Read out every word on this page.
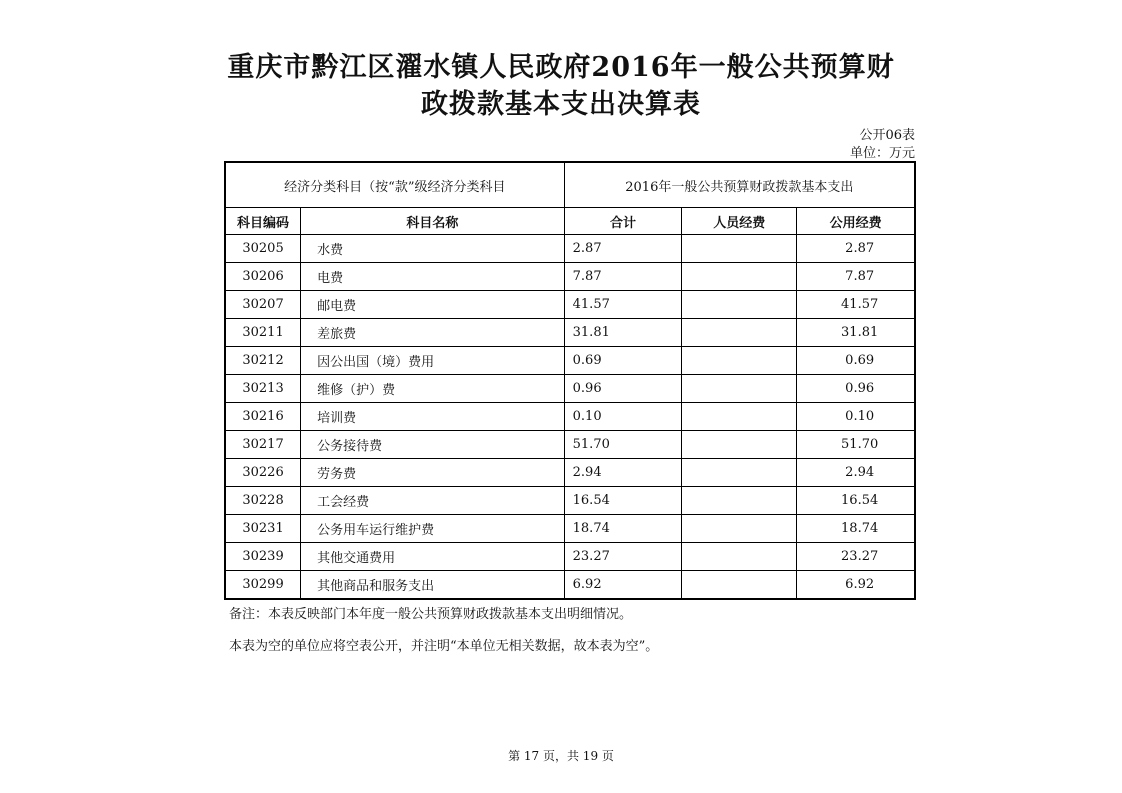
重庆市黔江区濯水镇人民政府2016年一般公共预算财
政拨款基本支出决算表
公开06表
单位：万元
经济分类科目（按“款”级经济分类科目		2016年一般公共预算财政拨款基本支出		
科目编码	科目名称	合计	人员经费	公用经费
30205	水费	2.87		2.87
30206	电费	7.87		7.87
30207	邮电费	41.57		41.57
30211	差旅费	31.81		31.81
30212	因公出国（境）费用	0.69		0.69
30213	维修（护）费	0.96		0.96
30216	培训费	0.10		0.10
30217	公务接待费	51.70		51.70
30226	劳务费	2.94		2.94
30228	工会经费	16.54		16.54
30231	公务用车运行维护费	18.74		18.74
30239	其他交通费用	23.27		23.27
30299	其他商品和服务支出	6.92		6.92
备注：本表反映部门本年度一般公共预算财政拨款基本支出明细情况。
本表为空的单位应将空表公开，并注明“本单位无相关数据，故本表为空”。
第 17 页，共 19 页
